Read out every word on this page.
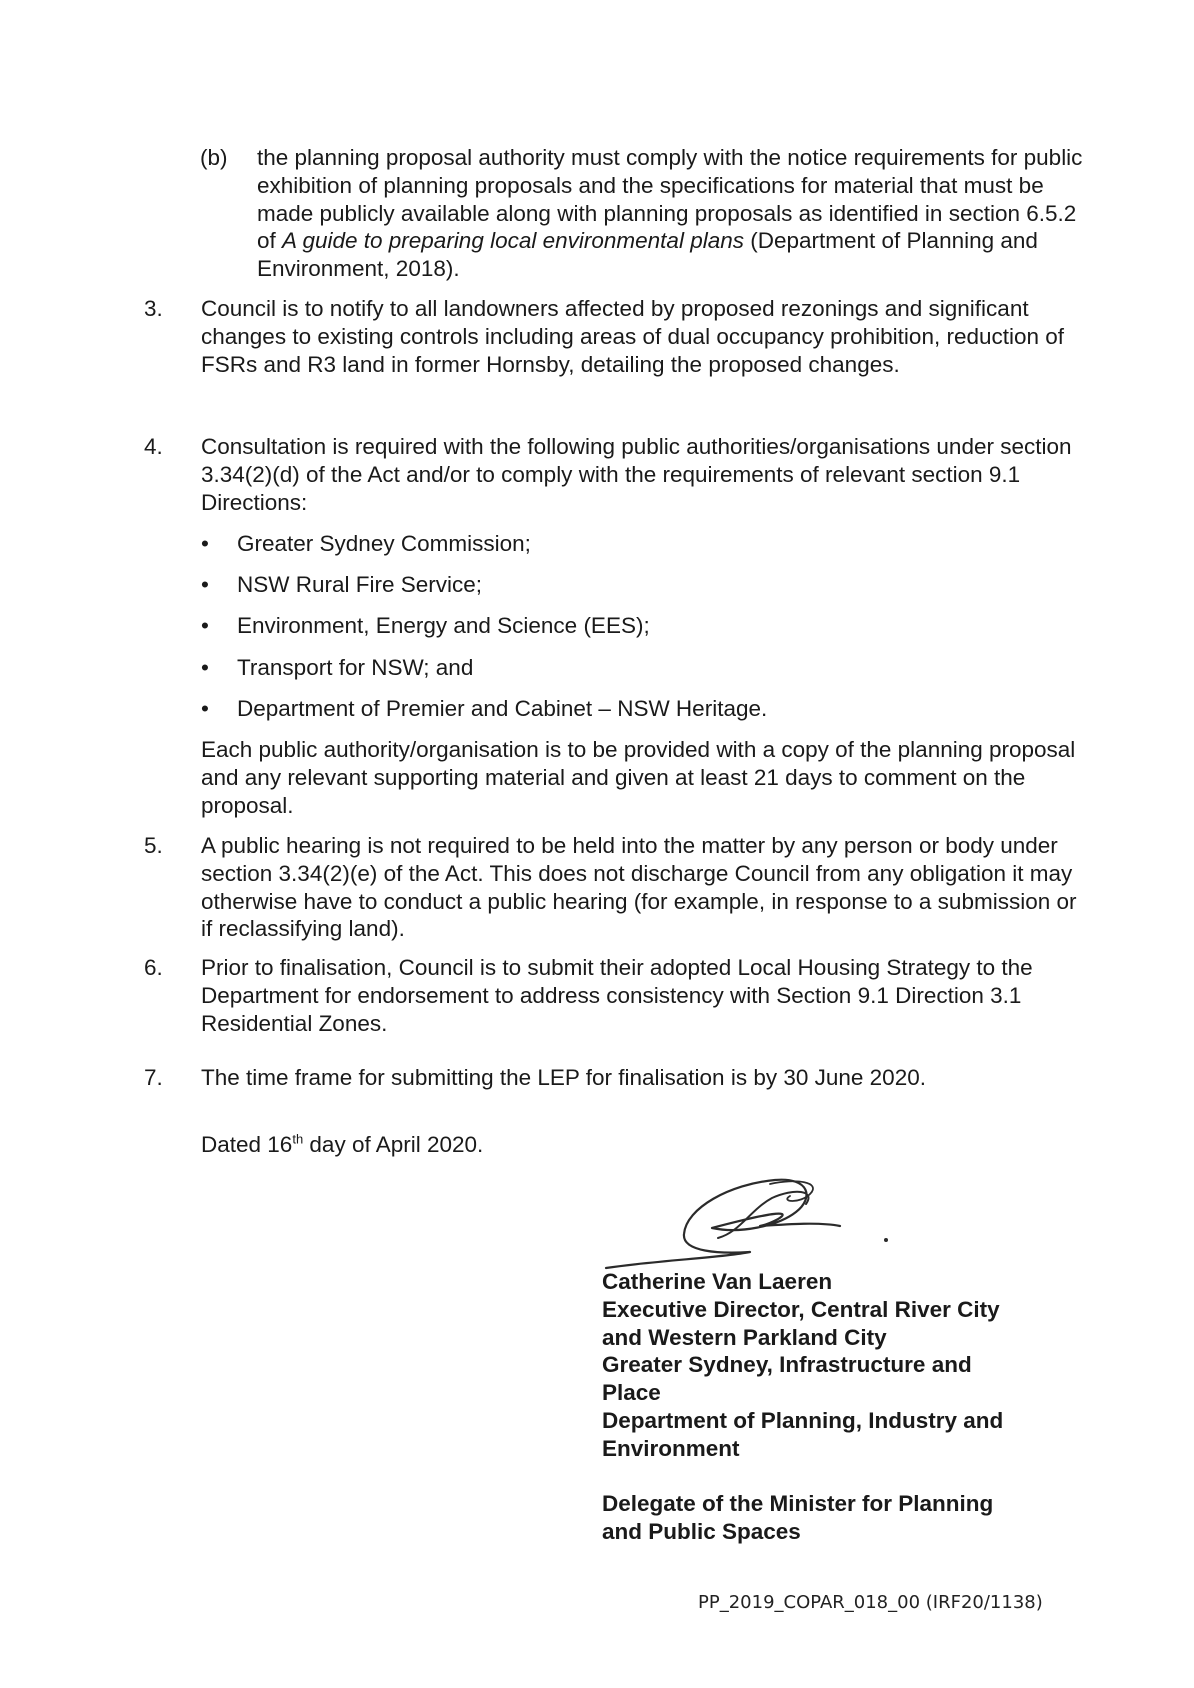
(b) the planning proposal authority must comply with the notice requirements for public exhibition of planning proposals and the specifications for material that must be made publicly available along with planning proposals as identified in section 6.5.2 of A guide to preparing local environmental plans (Department of Planning and Environment, 2018).

3. Council is to notify to all landowners affected by proposed rezonings and significant changes to existing controls including areas of dual occupancy prohibition, reduction of FSRs and R3 land in former Hornsby, detailing the proposed changes.

4. Consultation is required with the following public authorities/organisations under section 3.34(2)(d) of the Act and/or to comply with the requirements of relevant section 9.1 Directions:

• Greater Sydney Commission;
• NSW Rural Fire Service;
• Environment, Energy and Science (EES);
• Transport for NSW; and
• Department of Premier and Cabinet – NSW Heritage.

Each public authority/organisation is to be provided with a copy of the planning proposal and any relevant supporting material and given at least 21 days to comment on the proposal.

5. A public hearing is not required to be held into the matter by any person or body under section 3.34(2)(e) of the Act. This does not discharge Council from any obligation it may otherwise have to conduct a public hearing (for example, in response to a submission or if reclassifying land).

6. Prior to finalisation, Council is to submit their adopted Local Housing Strategy to the Department for endorsement to address consistency with Section 9.1 Direction 3.1 Residential Zones.

7. The time frame for submitting the LEP for finalisation is by 30 June 2020.

Dated 16th day of April 2020.

Catherine Van Laeren
Executive Director, Central River City
and Western Parkland City
Greater Sydney, Infrastructure and
Place
Department of Planning, Industry and
Environment
Delegate of the Minister for Planning
and Public Spaces
PP_2019_COPAR_018_00 (IRF20/1138)
